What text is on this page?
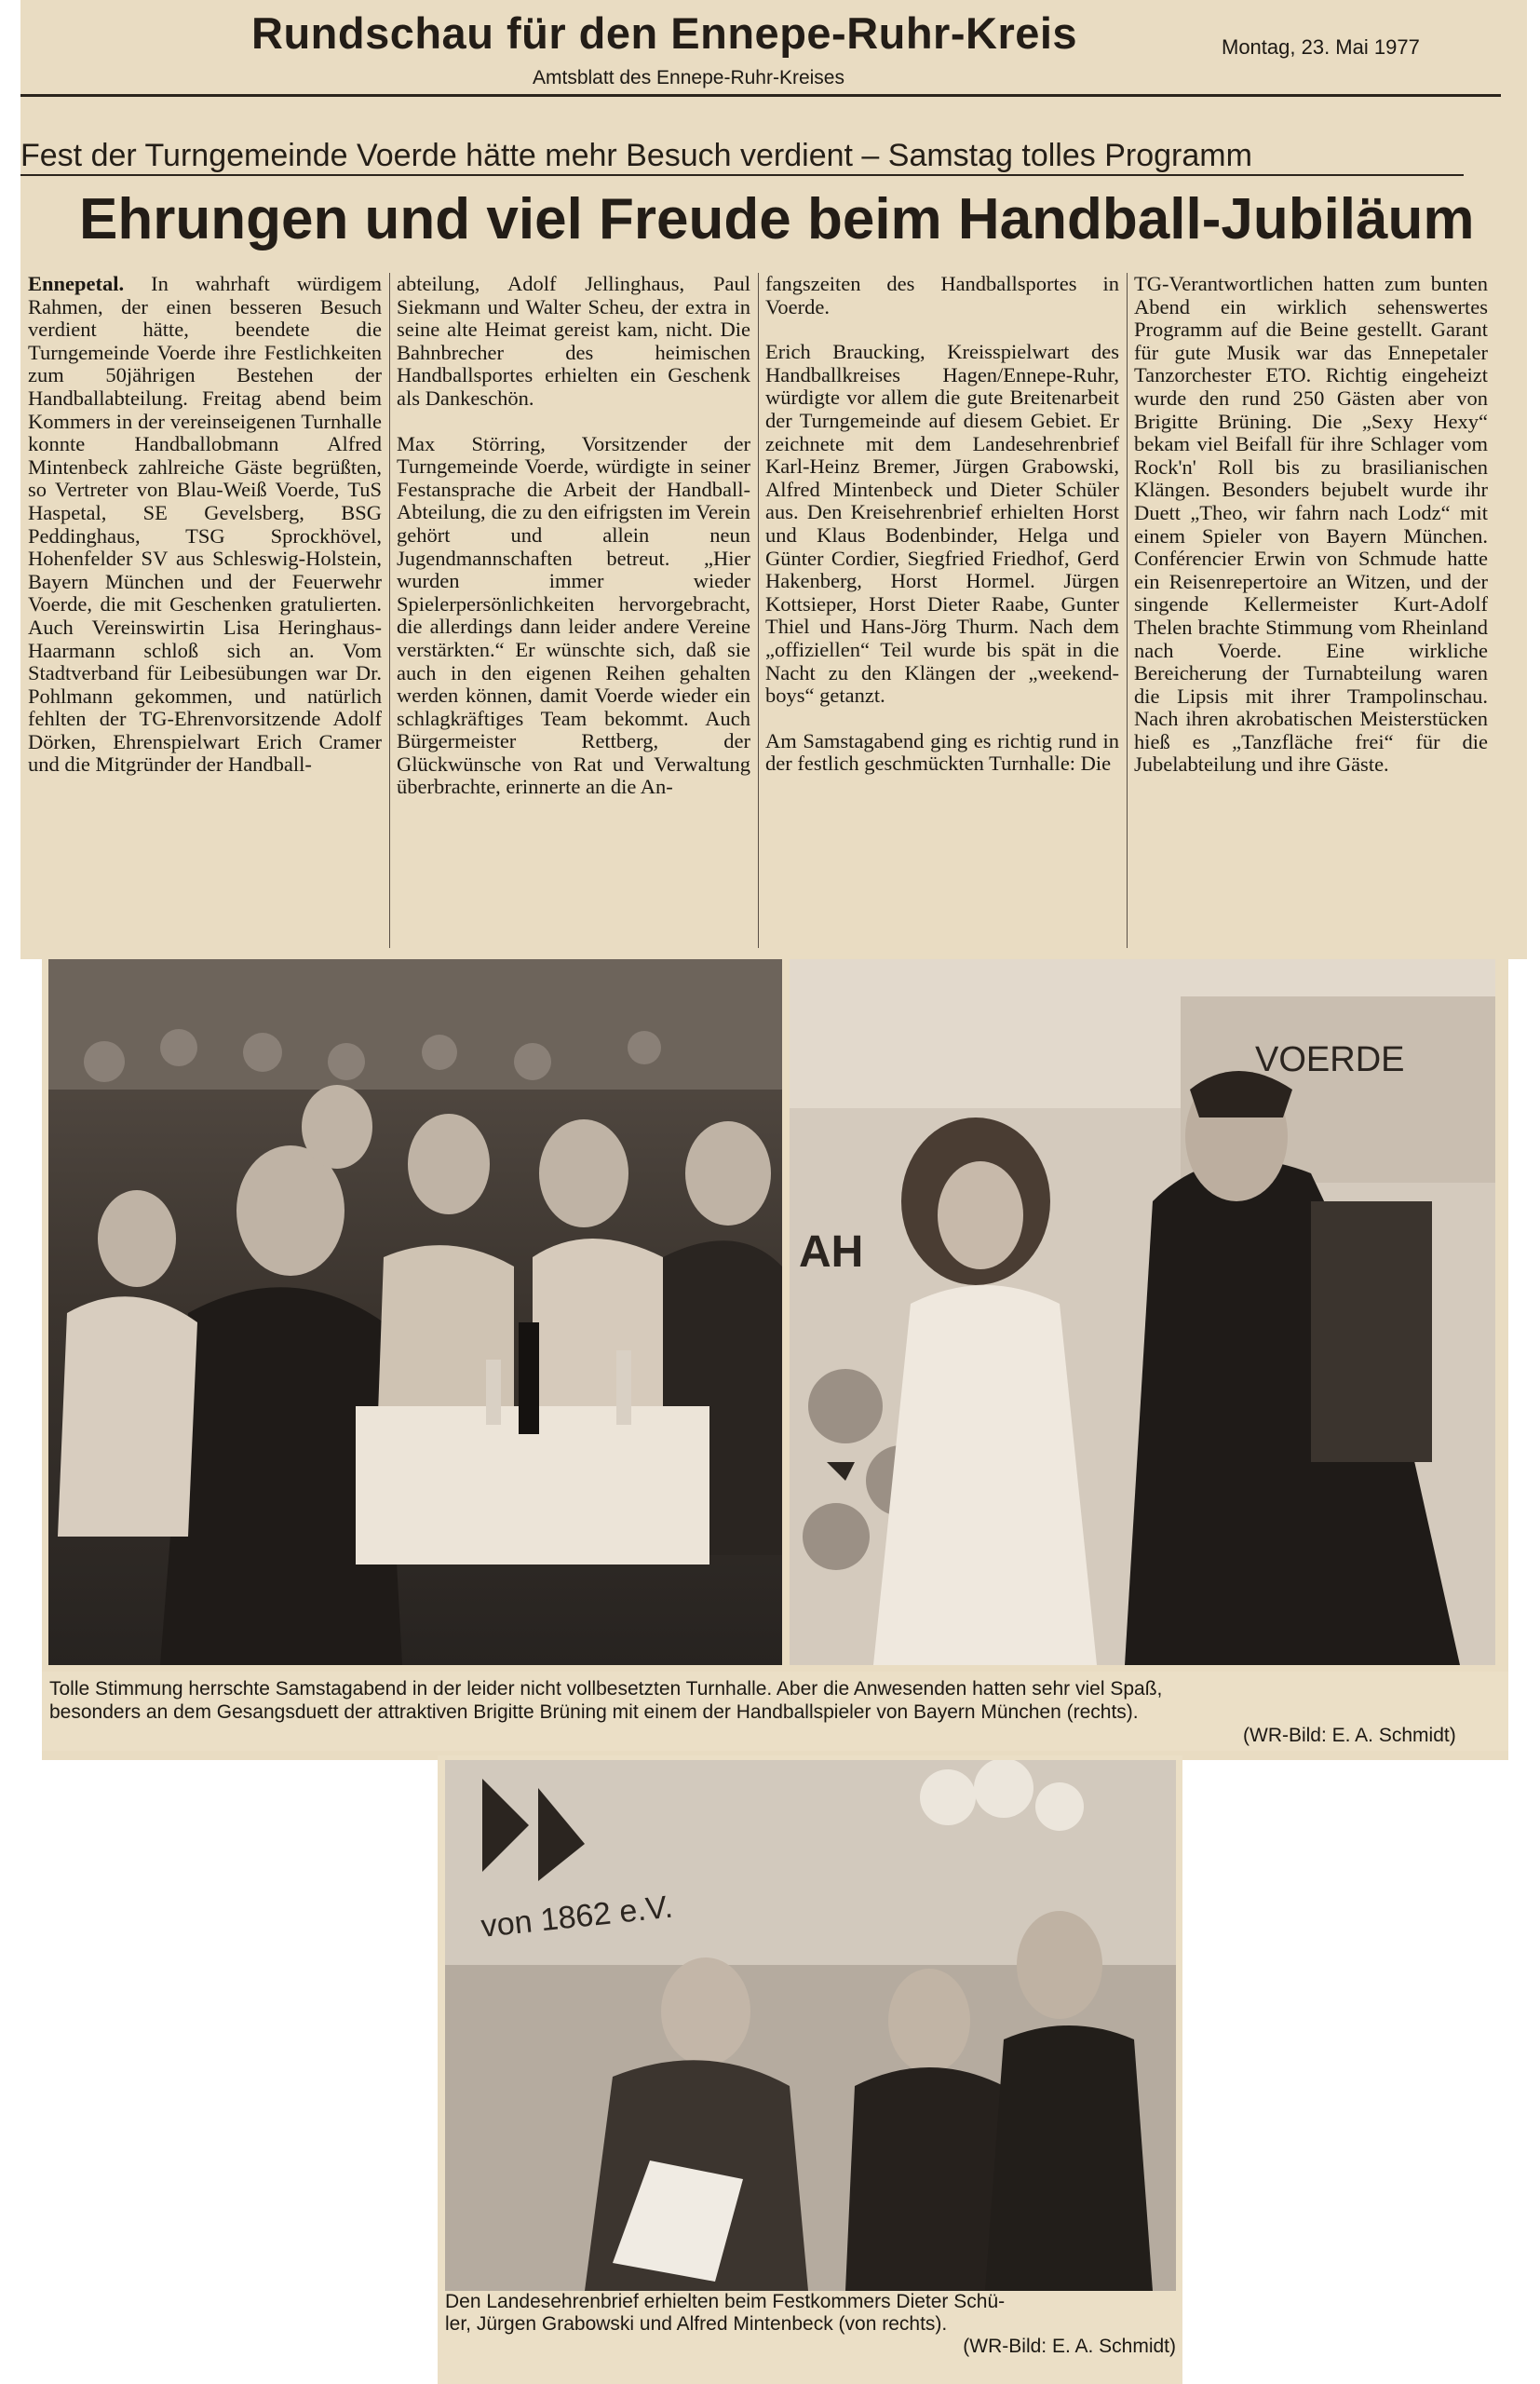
Rundschau für den Ennepe-Ruhr-Kreis	Montag, 23. Mai 1977
Amtsblatt des Ennepe-Ruhr-Kreises
Fest der Turngemeinde Voerde hätte mehr Besuch verdient – Samstag tolles Programm
Ehrungen und viel Freude beim Handball-Jubiläum

Ennepetal. In wahrhaft würdigem Rahmen, der einen besseren Besuch verdient hätte, beendete die Turngemeinde Voerde ihre Festlichkeiten zum 50jährigen Bestehen der Handballabteilung. Freitag abend beim Kommers in der vereinseigenen Turnhalle konnte Handballobmann Alfred Mintenbeck zahlreiche Gäste begrüßten, so Vertreter von Blau-Weiß Voerde, TuS Haspetal, SE Gevelsberg, BSG Peddinghaus, TSG Sprockhövel, Hohenfelder SV aus Schleswig-Holstein, Bayern München und der Feuerwehr Voerde, die mit Geschenken gratulierten. Auch Vereinswirtin Lisa Heringhaus-Haarmann schloß sich an. Vom Stadtverband für Leibesübungen war Dr. Pohlmann gekommen, und natürlich fehlten der TG-Ehrenvorsitzende Adolf Dörken, Ehrenspielwart Erich Cramer und die Mitgründer der Handball-

abteilung, Adolf Jellinghaus, Paul Siekmann und Walter Scheu, der extra in seine alte Heimat gereist kam, nicht. Die Bahnbrecher des heimischen Handballsportes erhielten ein Geschenk als Dankeschön.

Max Störring, Vorsitzender der Turngemeinde Voerde, würdigte in seiner Festansprache die Arbeit der Handball-Abteilung, die zu den eifrigsten im Verein gehört und allein neun Jugendmannschaften betreut. „Hier wurden immer wieder Spielerpersönlichkeiten hervorgebracht, die allerdings dann leider andere Vereine verstärkten.“ Er wünschte sich, daß sie auch in den eigenen Reihen gehalten werden können, damit Voerde wieder ein schlagkräftiges Team bekommt. Auch Bürgermeister Rettberg, der Glückwünsche von Rat und Verwaltung überbrachte, erinnerte an die An-

fangszeiten des Handballsportes in Voerde.

Erich Braucking, Kreisspielwart des Handballkreises Hagen/Ennepe-Ruhr, würdigte vor allem die gute Breitenarbeit der Turngemeinde auf diesem Gebiet. Er zeichnete mit dem Landesehrenbrief Karl-Heinz Bremer, Jürgen Grabowski, Alfred Mintenbeck und Dieter Schüler aus. Den Kreisehrenbrief erhielten Horst und Klaus Bodenbinder, Helga und Günter Cordier, Siegfried Friedhof, Gerd Hakenberg, Horst Hormel. Jürgen Kottsieper, Horst Dieter Raabe, Gunter Thiel und Hans-Jörg Thurm. Nach dem „offiziellen“ Teil wurde bis spät in die Nacht zu den Klängen der „weekend-boys“ getanzt.

Am Samstagabend ging es richtig rund in der festlich geschmückten Turnhalle: Die

TG-Verantwortlichen hatten zum bunten Abend ein wirklich sehenswertes Programm auf die Beine gestellt. Garant für gute Musik war das Ennepetaler Tanzorchester ETO. Richtig eingeheizt wurde den rund 250 Gästen aber von Brigitte Brüning. Die „Sexy Hexy“ bekam viel Beifall für ihre Schlager vom Rock'n' Roll bis zu brasilianischen Klängen. Besonders bejubelt wurde ihr Duett „Theo, wir fahrn nach Lodz“ mit einem Spieler von Bayern München. Conférencier Erwin von Schmude hatte ein Reisenrepertoire an Witzen, und der singende Kellermeister Kurt-Adolf Thelen brachte Stimmung vom Rheinland nach Voerde. Eine wirkliche Bereicherung der Turnabteilung waren die Lipsis mit ihrer Trampolinschau. Nach ihren akrobatischen Meisterstücken hieß es „Tanzfläche frei“ für die Jubelabteilung und ihre Gäste.

VOERDE
AH

Tolle Stimmung herrschte Samstagabend in der leider nicht vollbesetzten Turnhalle. Aber die Anwesenden hatten sehr viel Spaß,

besonders an dem Gesangsduett der attraktiven Brigitte Brüning mit einem der Handballspieler von Bayern München (rechts).

(WR-Bild: E. A. Schmidt)

von 1862 e.V.
Den Landesehrenbrief erhielten beim Festkommers Dieter Schü-
ler, Jürgen Grabowski und Alfred Mintenbeck (von rechts).
(WR-Bild: E. A. Schmidt)
